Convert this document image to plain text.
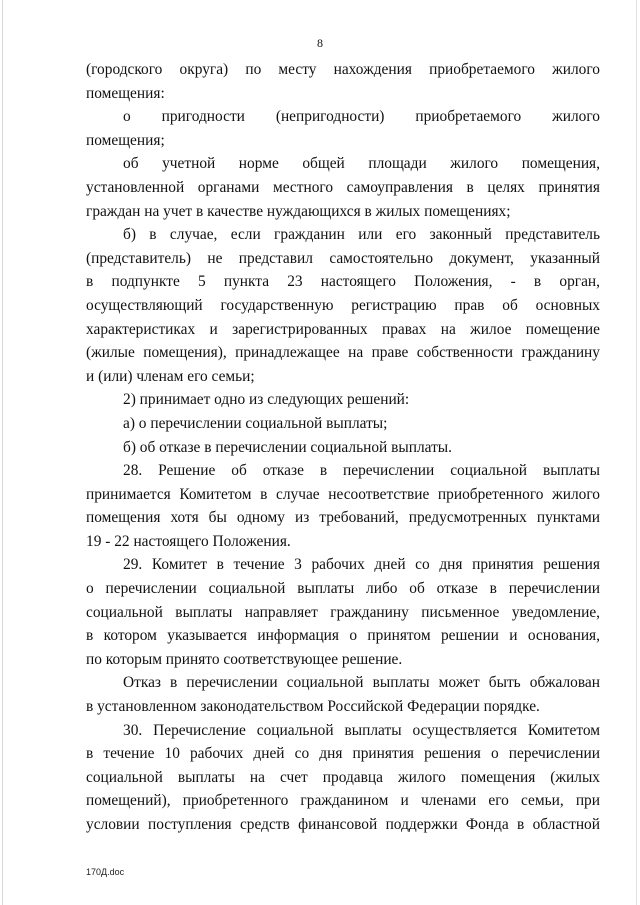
8
(городского округа) по месту нахождения приобретаемого жилого
помещения:
о пригодности (непригодности) приобретаемого жилого
помещения;
об учетной норме общей площади жилого помещения,
установленной органами местного самоуправления в целях принятия
граждан на учет в качестве нуждающихся в жилых помещениях;
б) в случае, если гражданин или его законный представитель
(представитель) не представил самостоятельно документ, указанный
в подпункте 5 пункта 23 настоящего Положения, - в орган,
осуществляющий государственную регистрацию прав об основных
характеристиках и зарегистрированных правах на жилое помещение
(жилые помещения), принадлежащее на праве собственности гражданину
и (или) членам его семьи;
2) принимает одно из следующих решений:
а) о перечислении социальной выплаты;
б) об отказе в перечислении социальной выплаты.
28. Решение об отказе в перечислении социальной выплаты
принимается Комитетом в случае несоответствие приобретенного жилого
помещения хотя бы одному из требований, предусмотренных пунктами
19 - 22 настоящего Положения.
29. Комитет в течение 3 рабочих дней со дня принятия решения
о перечислении социальной выплаты либо об отказе в перечислении
социальной выплаты направляет гражданину письменное уведомление,
в котором указывается информация о принятом решении и основания,
по которым принято соответствующее решение.
Отказ в перечислении социальной выплаты может быть обжалован
в установленном законодательством Российской Федерации порядке.
30. Перечисление социальной выплаты осуществляется Комитетом
в течение 10 рабочих дней со дня принятия решения о перечислении
социальной выплаты на счет продавца жилого помещения (жилых
помещений), приобретенного гражданином и членами его семьи, при
условии поступления средств финансовой поддержки Фонда в областной
170Д.doc
